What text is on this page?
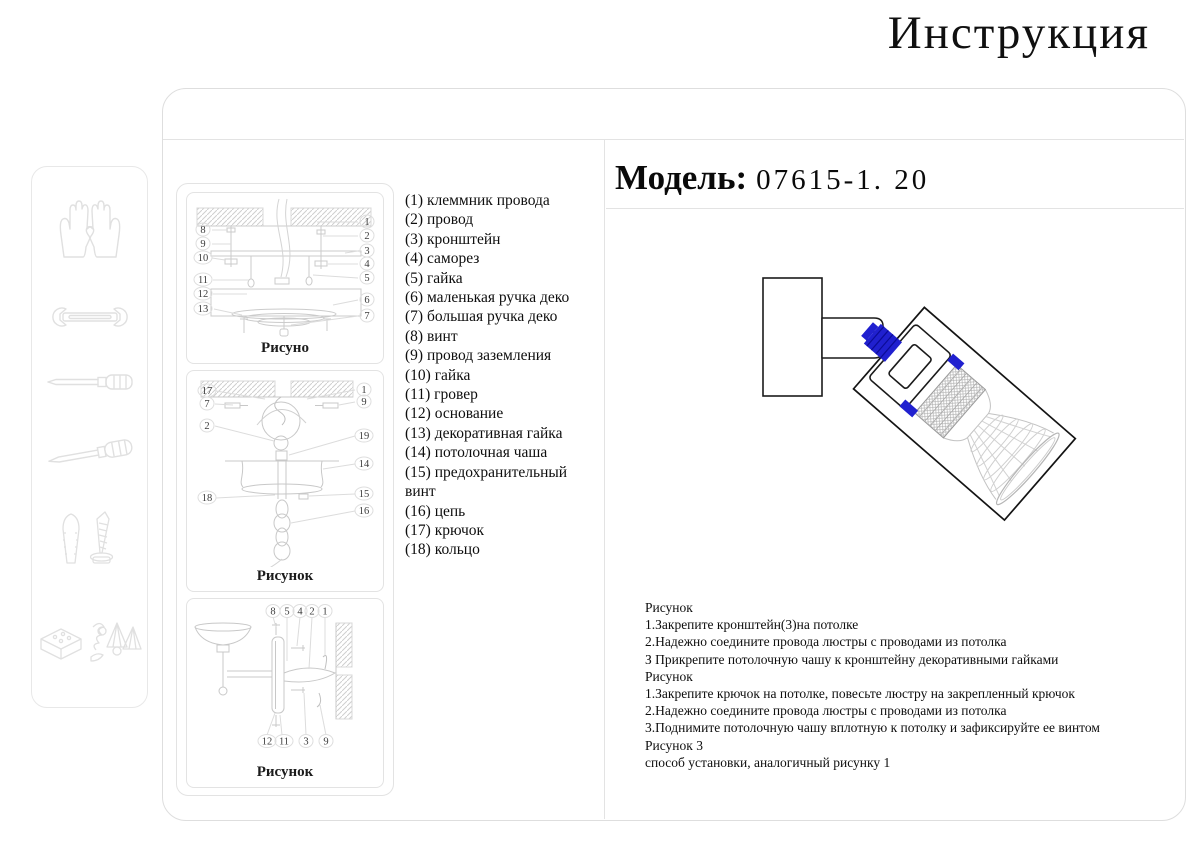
Инструкция
8
9
10
11
12
13
1
2
3
4
5
6
7
Рисуно
17
7
2
18
1
9
19
14
15
16
Рисунок
8 5 4 2 1
12 11 3 9
Рисунок
(1) клеммник провода
(2) провод
(3) кронштейн
(4) саморез
(5) гайка
(6) маленькая ручка деко
(7) большая ручка деко
(8) винт
(9) провод заземления
(10) гайка
(11) гровер
(12) основание
(13) декоративная гайка
(14) потолочная чаша
(15) предохранительный винт
(16) цепь
(17) крючок
(18) кольцо
Модель: 07615-1. 20
Рисунок
1.Закрепите кронштейн(3)на потолке
2.Надежно соедините провода люстры с проводами из потолка
З Прикрепите потолочную чашу к кронштейну декоративными гайками
Рисунок
1.Закрепите крючок на потолке, повесьте люстру на закрепленный крючок
2.Надежно соедините провода люстры с проводами из потолка
3.Поднимите потолочную чашу вплотную к потолку и зафиксируйте ее винтом
Рисунок 3
способ установки, аналогичный рисунку 1
